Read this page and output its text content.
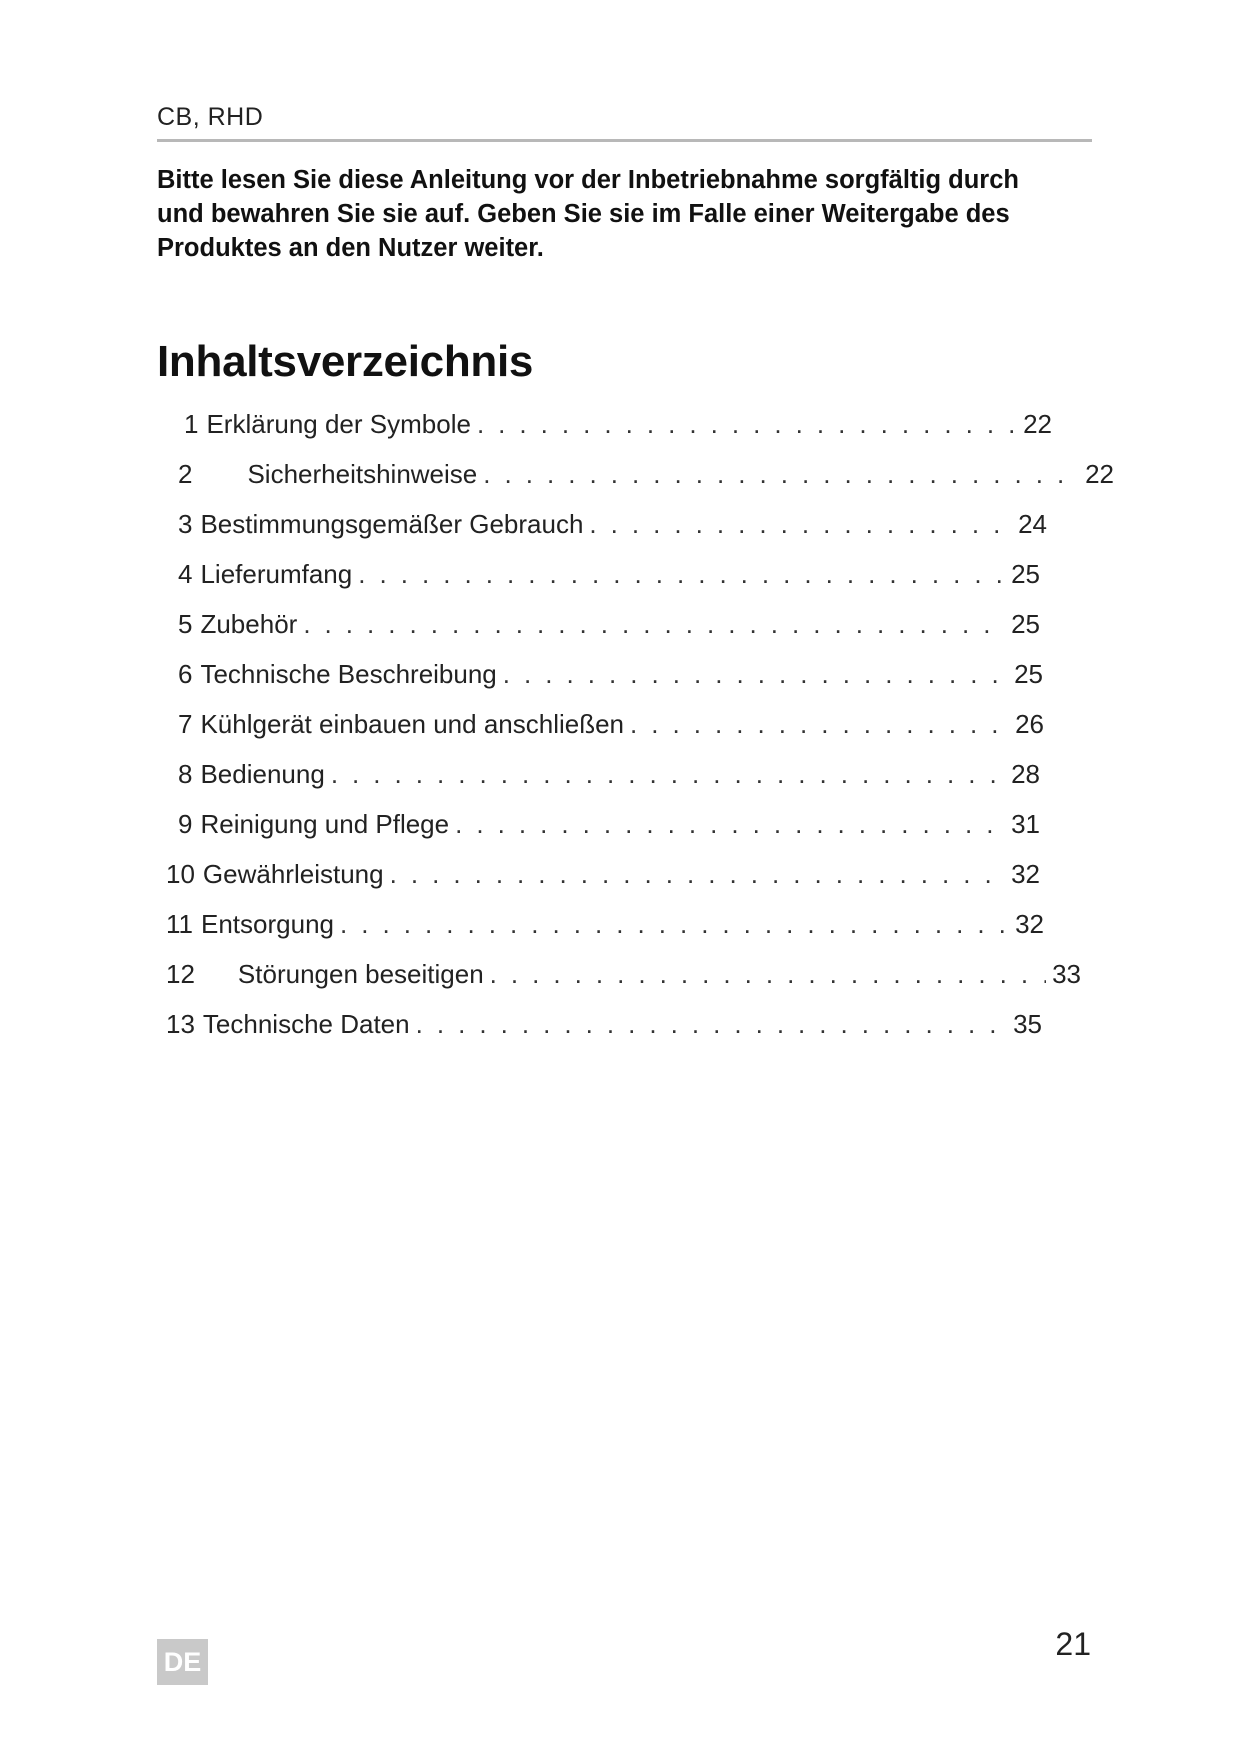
CB, RHD
Bitte lesen Sie diese Anleitung vor der Inbetriebnahme sorgfältig durch
und bewahren Sie sie auf. Geben Sie sie im Falle einer Weitergabe des
Produktes an den Nutzer weiter.
Inhaltsverzeichnis
1 Erklärung der Symbole . . .	22
2 Sicherheitshinweise . . .	22
3 Bestimmungsgemäßer Gebrauch . . .	24
4 Lieferumfang . . .	25
5 Zubehör . . .	25
6 Technische Beschreibung . . .	25
7 Kühlgerät einbauen und anschließen . . .	26
8 Bedienung . . .	28
9 Reinigung und Pflege . . .	31
10 Gewährleistung . . .	32
11 Entsorgung . . .	32
12 Störungen beseitigen . . .	33
13 Technische Daten . . .	35
DE	21
